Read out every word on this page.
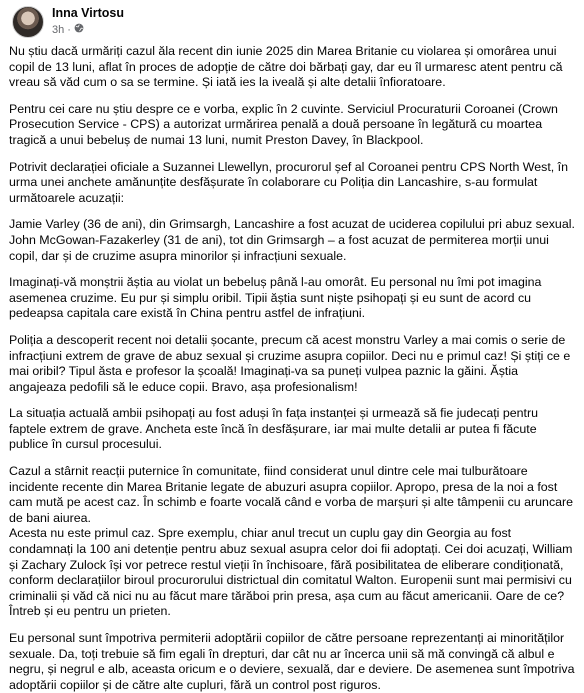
Inna Virtosu
3h ·

Nu știu dacă urmăriți cazul ăla recent din iunie 2025 din Marea Britanie cu violarea și omorârea unui copil de 13 luni, aflat în proces de adopție de către doi bărbați gay, dar eu îl urmaresc atent pentru că vreau să văd cum o sa se termine. Și iată ies la iveală și alte detalii înfioratoare.

Pentru cei care nu știu despre ce e vorba, explic în 2 cuvinte. Serviciul Procuraturii Coroanei (Crown Prosecution Service - CPS) a autorizat urmărirea penală a două persoane în legătură cu moartea tragică a unui bebeluș de numai 13 luni, numit Preston Davey, în Blackpool.

Potrivit declarației oficiale a Suzannei Llewellyn, procurorul șef al Coroanei pentru CPS North West, în urma unei anchete amănunțite desfășurate în colaborare cu Poliția din Lancashire, s-au formulat următoarele acuzații:

Jamie Varley (36 de ani), din Grimsargh, Lancashire a fost acuzat de uciderea copilului pri abuz sexual. John McGowan-Fazakerley (31 de ani), tot din Grimsargh – a fost acuzat de permiterea morții unui copil, dar și de cruzime asupra minorilor și infracțiuni sexuale.

Imaginați-vă monștrii ăștia au violat un bebeluș până l-au omorât. Eu personal nu îmi pot imagina asemenea cruzime. Eu pur și simplu oribil. Tipii ăștia sunt niște psihopați și eu sunt de acord cu pedeapsa capitala care există în China pentru astfel de infrațiuni.

Poliția a descoperit recent noi detalii șocante, precum că acest monstru Varley a mai comis o serie de infracțiuni extrem de grave de abuz sexual și cruzime asupra copiilor. Deci nu e primul caz! Și știți ce e mai oribil? Tipul ăsta e profesor la școală! Imaginați-va sa puneți vulpea paznic la găini. Ăștia angajeaza pedofili să le educe copii. Bravo, așa profesionalism!

La situația actuală ambii psihopați au fost aduși în fața instanței și urmează să fie judecați pentru faptele extrem de grave. Ancheta este încă în desfășurare, iar mai multe detalii ar putea fi făcute publice în cursul procesului.

Cazul a stârnit reacții puternice în comunitate, fiind considerat unul dintre cele mai tulburătoare incidente recente din Marea Britanie legate de abuzuri asupra copiilor. Apropo, presa de la noi a fost cam mută pe acest caz. În schimb e foarte vocală când e vorba de marșuri și alte tâmpenii cu aruncare de bani aiurea.

Acesta nu este primul caz. Spre exemplu, chiar anul trecut un cuplu gay din Georgia au fost condamnați la 100 ani detenție pentru abuz sexual asupra celor doi fii adoptați. Cei doi acuzați, William și Zachary Zulock își vor petrece restul vieții în închisoare, fără posibilitatea de eliberare condiționată, conform declarațiilor biroul procurorului districtual din comitatul Walton. Europenii sunt mai permisivi cu criminalii și văd că nici nu au făcut mare tărăboi prin presa, așa cum au făcut americanii. Oare de ce? Întreb și eu pentru un prieten.

Eu personal sunt împotriva permiterii adoptării copiilor de către persoane reprezentanți ai minorităților sexuale. Da, toți trebuie să fim egali în drepturi, dar cât nu ar încerca unii să mă convingă că albul e negru, și negrul e alb, aceasta oricum e o deviere, sexuală, dar e deviere. De asemenea sunt împotriva adoptării copiilor și de către alte cupluri, fără un control post riguros.
